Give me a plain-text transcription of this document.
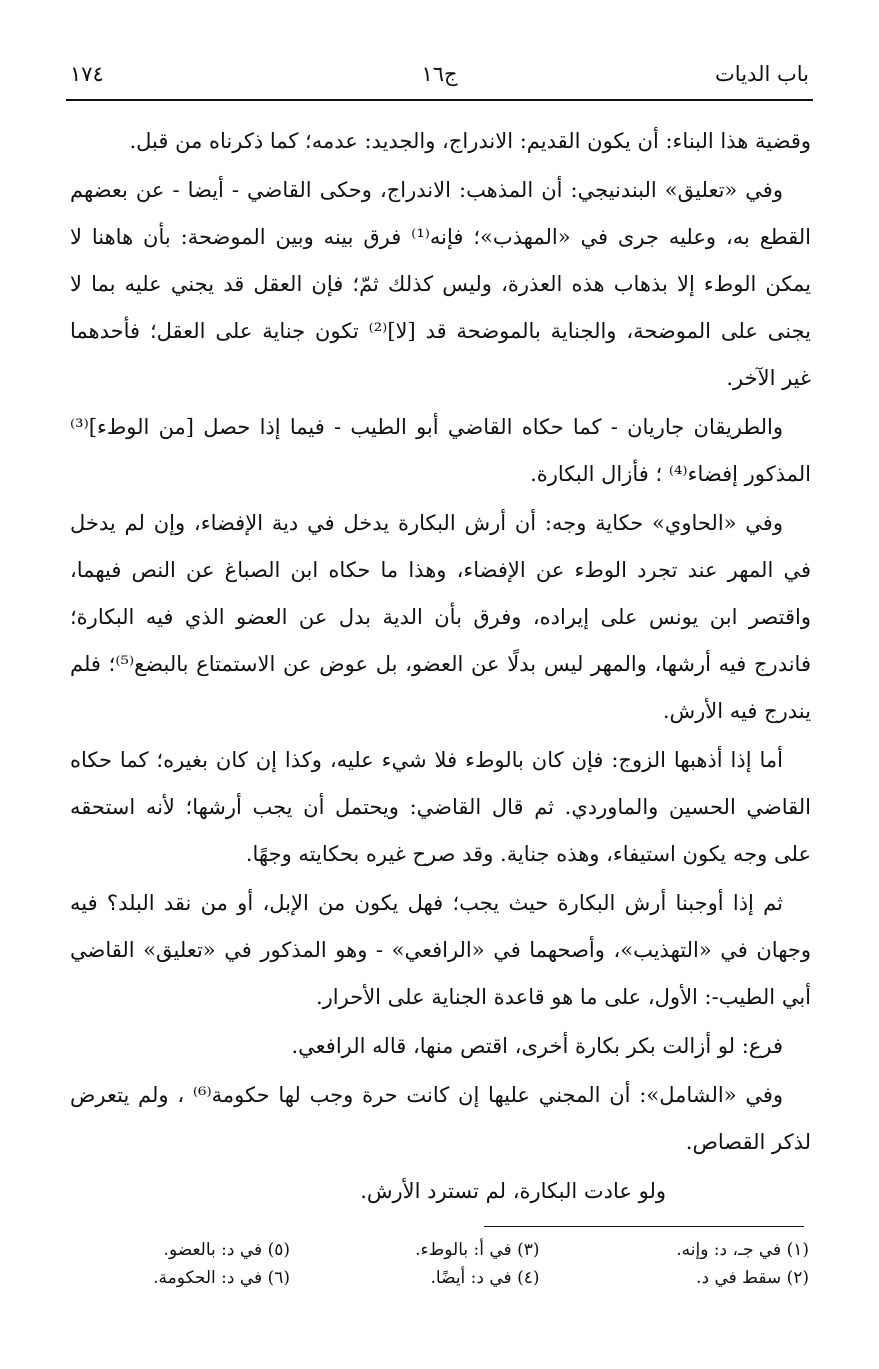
باب الديات
ج١٦
١٧٤

وقضية هذا البناء: أن يكون القديم: الاندراج، والجديد: عدمه؛ كما ذكرناه من قبل.

وفي «تعليق» البندنيجي: أن المذهب: الاندراج، وحكى القاضي - أيضا - عن بعضهم القطع به، وعليه جرى في «المهذب»؛ فإنه⁽¹⁾ فرق بينه وبين الموضحة: بأن هاهنا لا يمكن الوطء إلا بذهاب هذه العذرة، وليس كذلك ثمّ؛ فإن العقل قد يجني عليه بما لا يجنى على الموضحة، والجناية بالموضحة قد [لا]⁽²⁾ تكون جناية على العقل؛ فأحدهما غير الآخر.

والطريقان جاريان - كما حكاه القاضي أبو الطيب - فيما إذا حصل [من الوطء]⁽³⁾ المذكور إفضاء⁽⁴⁾ ؛ فأزال البكارة.

وفي «الحاوي» حكاية وجه: أن أرش البكارة يدخل في دية الإفضاء، وإن لم يدخل في المهر عند تجرد الوطء عن الإفضاء، وهذا ما حكاه ابن الصباغ عن النص فيهما، واقتصر ابن يونس على إيراده، وفرق بأن الدية بدل عن العضو الذي فيه البكارة؛ فاندرج فيه أرشها، والمهر ليس بدلًا عن العضو، بل عوض عن الاستمتاع بالبضع⁽⁵⁾؛ فلم يندرج فيه الأرش.

أما إذا أذهبها الزوج: فإن كان بالوطء فلا شيء عليه، وكذا إن كان بغيره؛ كما حكاه القاضي الحسين والماوردي. ثم قال القاضي: ويحتمل أن يجب أرشها؛ لأنه استحقه على وجه يكون استيفاء، وهذه جناية. وقد صرح غيره بحكايته وجهًا.

ثم إذا أوجبنا أرش البكارة حيث يجب؛ فهل يكون من الإبل، أو من نقد البلد؟ فيه وجهان في «التهذيب»، وأصحهما في «الرافعي» - وهو المذكور في «تعليق» القاضي أبي الطيب-: الأول، على ما هو قاعدة الجناية على الأحرار.

فرع: لو أزالت بكر بكارة أخرى، اقتص منها، قاله الرافعي.

وفي «الشامل»: أن المجني عليها إن كانت حرة وجب لها حكومة⁽⁶⁾ ، ولم يتعرض لذكر القصاص.

ولو عادت البكارة، لم تسترد الأرش.

(١) في جـ، د: وإنه.
(٢) سقط في د.
(٣) في أ: بالوطء.
(٤) في د: أيضًا.
(٥) في د: بالعضو.
(٦) في د: الحكومة.
